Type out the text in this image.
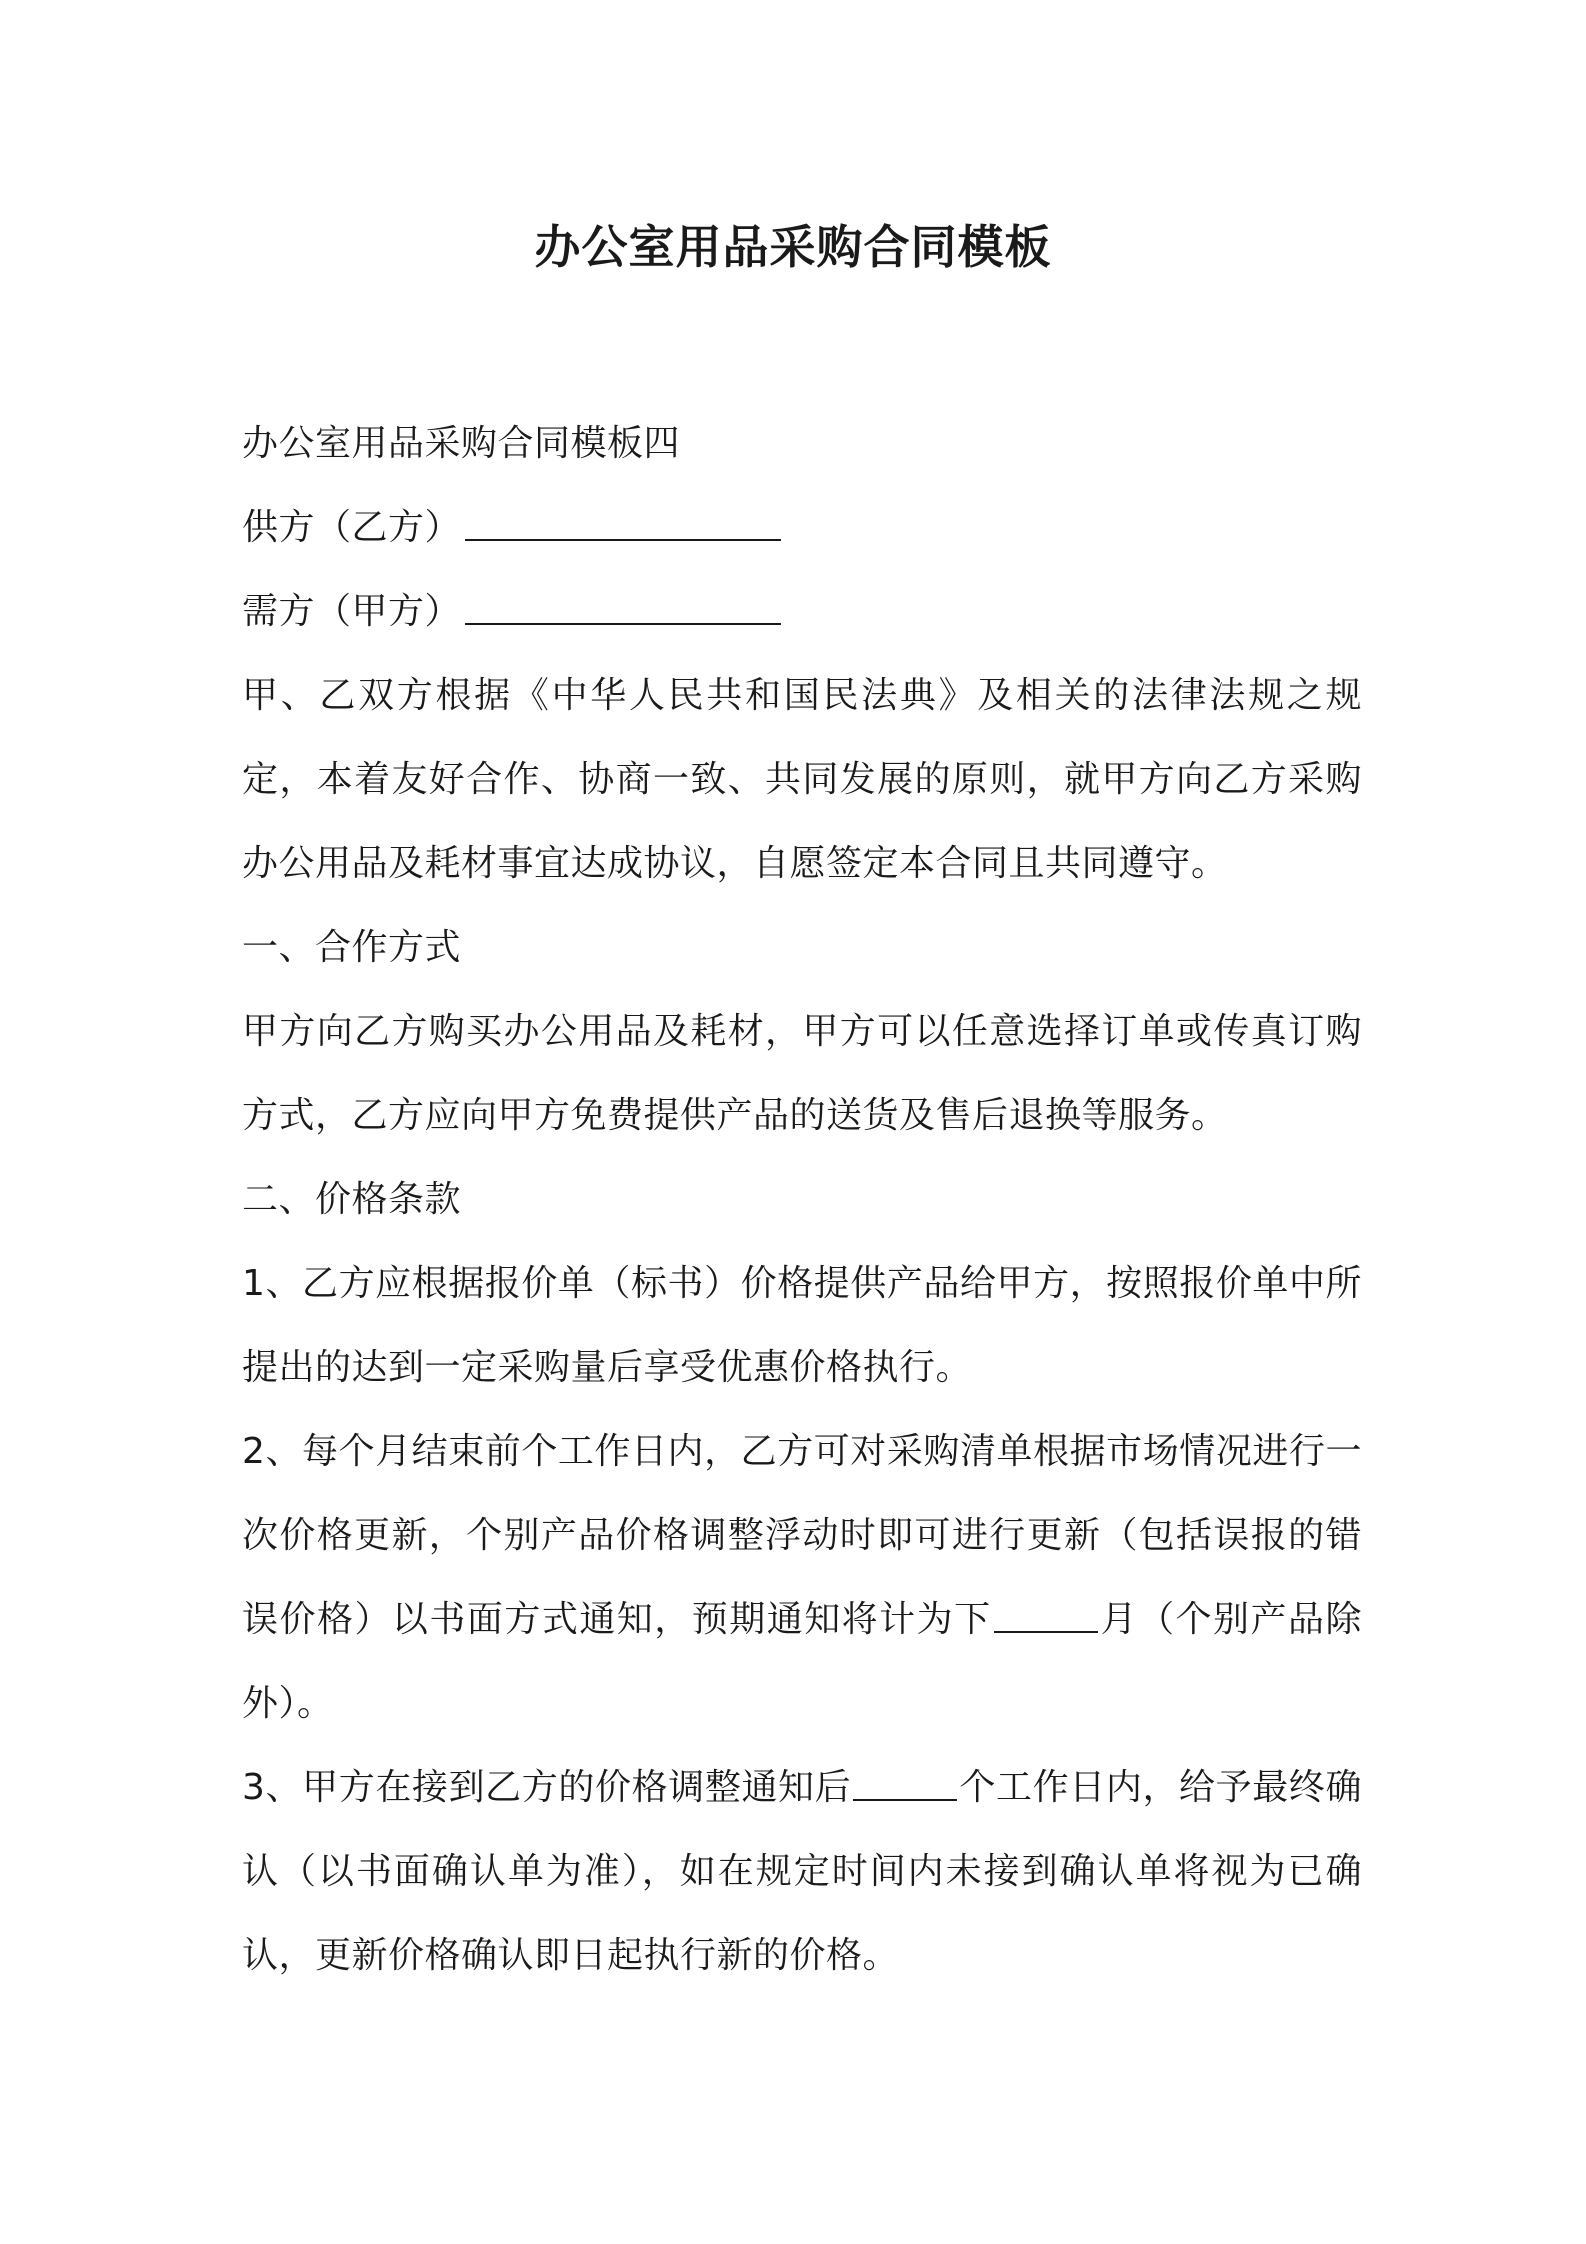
办公室用品采购合同模板

办公室用品采购合同模板四

供方（乙方）

需方（甲方）

甲、乙双方根据《中华人民共和国民法典》及相关的法律法规之规定，本着友好合作、协商一致、共同发展的原则，就甲方向乙方采购办公用品及耗材事宜达成协议，自愿签定本合同且共同遵守。

一、合作方式

甲方向乙方购买办公用品及耗材，甲方可以任意选择订单或传真订购方式，乙方应向甲方免费提供产品的送货及售后退换等服务。

二、价格条款

1、乙方应根据报价单（标书）价格提供产品给甲方，按照报价单中所提出的达到一定采购量后享受优惠价格执行。

2、每个月结束前个工作日内，乙方可对采购清单根据市场情况进行一次价格更新，个别产品价格调整浮动时即可进行更新（包括误报的错误价格）以书面方式通知，预期通知将计为下	月（个别产品除外）。

3、甲方在接到乙方的价格调整通知后	个工作日内，给予最终确认（以书面确认单为准），如在规定时间内未接到确认单将视为已确认，更新价格确认即日起执行新的价格。
